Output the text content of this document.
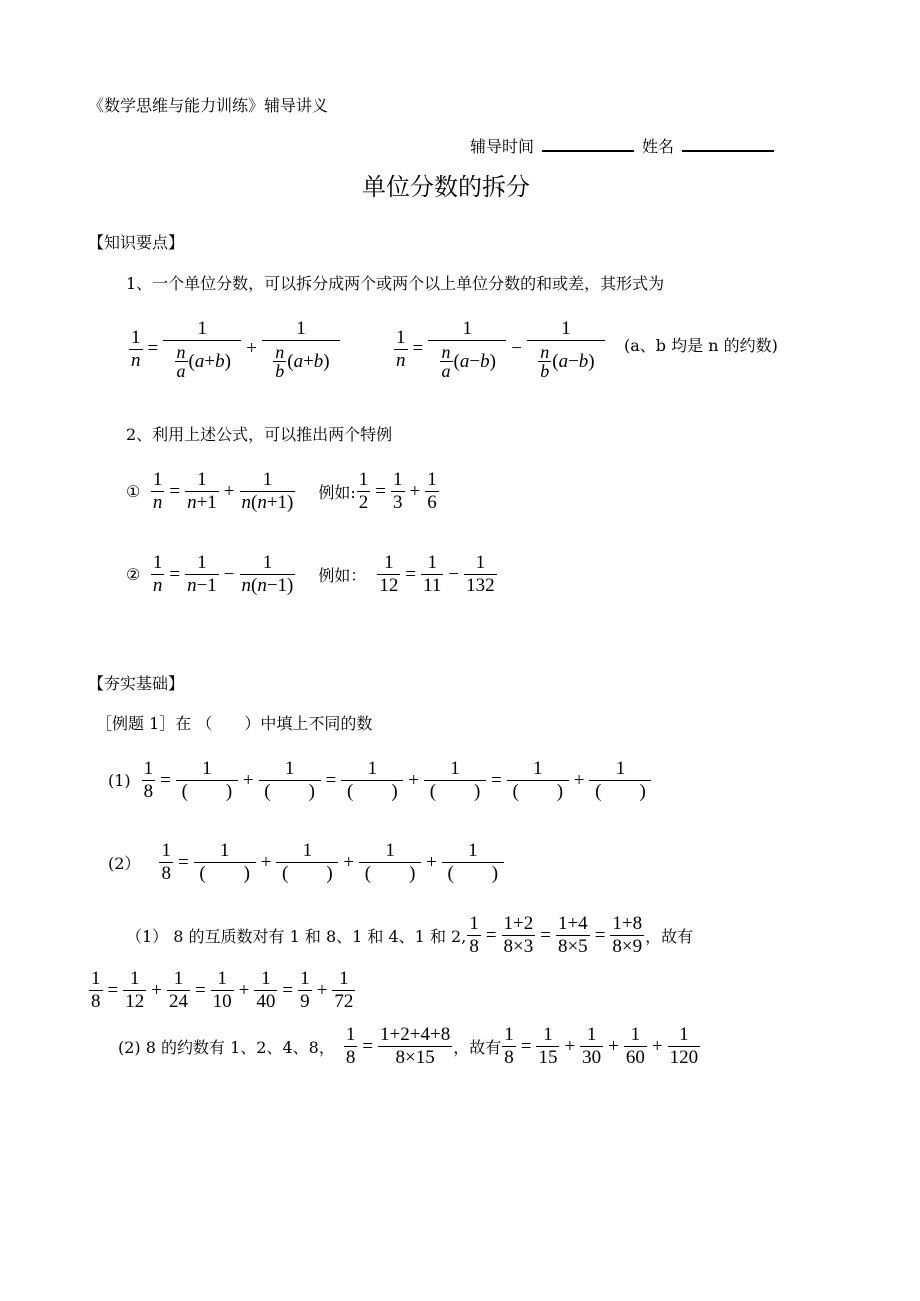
《数学思维与能力训练》辅导讲义
辅导时间	姓名
单位分数的拆分
【知识要点】
1、一个单位分数，可以拆分成两个或两个以上单位分数的和或差，其形式为
$\frac{1}{n} = \frac{1}{\frac{n}{a} (a+b)} + \frac{1}{\frac{n}{b} (a+b)}$	$\frac{1}{n} = \frac{1}{\frac{n}{a} (a-b)} - \frac{1}{\frac{n}{b} (a-b)} (a$、b 均是 n 的约数)
2、利用上述公式，可以推出两个特例
①
$\frac{1}{n} = \frac{1}{n+1} + \frac{1}{n(n+1)}$ 例如: $\frac{1}{2} = \frac{1}{3} + \frac{1}{6}$
②
$\frac{1}{n} = \frac{1}{n-1} - \frac{1}{n(n-1)}$ 例如： $\frac{1}{12} = \frac{1}{11} - \frac{1}{132}$
【夯实基础】
［例题 1］在 （　　）中填上不同的数
$(1) \frac{1}{8} = \frac{1}{( )} + \frac{1}{( )} = \frac{1}{( )} + \frac{1}{( )} = \frac{1}{( )} + \frac{1}{( )}$
$(2) \frac{1}{8} = \frac{1}{( )} + \frac{1}{( )} + \frac{1}{( )} + \frac{1}{( )}$
（1） 8 的互质数对有 1 和 8、1 和 4、1 和 2, $\frac{1}{8} = \frac{1+2}{8\times 3} = \frac{1+4}{8\times 5} = \frac{1+8}{8\times 9}$ ，故有
$\frac{1}{8} = \frac{1}{12} + \frac{1}{24} = \frac{1}{10} + \frac{1}{40} = \frac{1}{9} + \frac{1}{72}$
(2) 8 的约数有 1、2、4、8， $\frac{1}{8} = \frac{1+2+4+8}{8\times 15}$ ，故有 $\frac{1}{8} = \frac{1}{15} + \frac{1}{30} + \frac{1}{60} + \frac{1}{120}$
